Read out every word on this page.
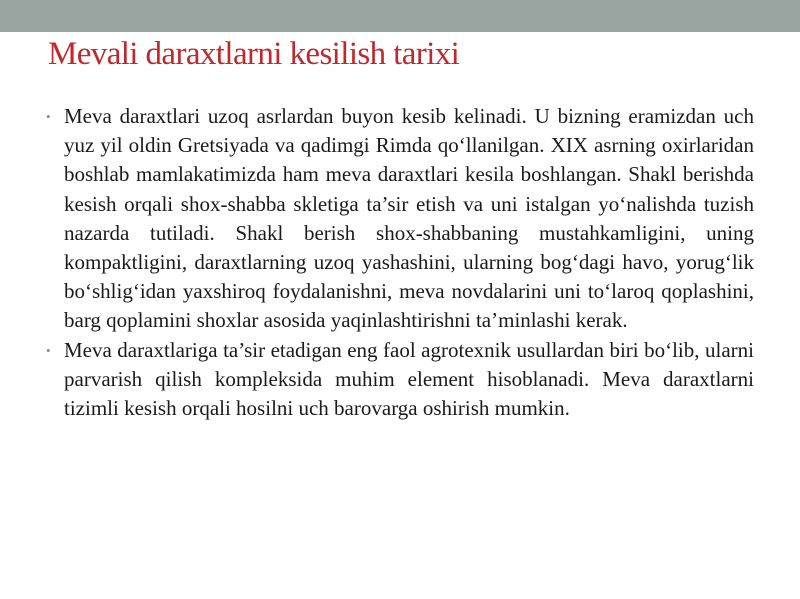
Mevali daraxtlarni kesilish tarixi
• Meva daraxtlari uzoq asrlardan buyon kesib kelinadi. U bizning eramizdan uch yuz yil oldin Gretsiyada va qadimgi Rimda qo‘llanilgan. XIX asrning oxirlaridan boshlab mamlakatimizda ham meva daraxtlari kesila boshlangan. Shakl berishda kesish orqali shox-shabba skletiga ta’sir etish va uni istalgan yo‘nalishda tuzish nazarda tutiladi. Shakl berish shox-shabbaning mustahkamligini, uning kompaktligini, daraxtlarning uzoq yashashini, ularning bog‘dagi havo, yorug‘lik bo‘shlig‘idan yaxshiroq foydalanishni, meva novdalarini uni to‘laroq qoplashini, barg qoplamini shoxlar asosida yaqinlashtirishni ta’minlashi kerak.
• Meva daraxtlariga ta’sir etadigan eng faol agrotexnik usullardan biri bo‘lib, ularni parvarish qilish kompleksida muhim element hisoblanadi. Meva daraxtlarni tizimli kesish orqali hosilni uch barovarga oshirish mumkin.
